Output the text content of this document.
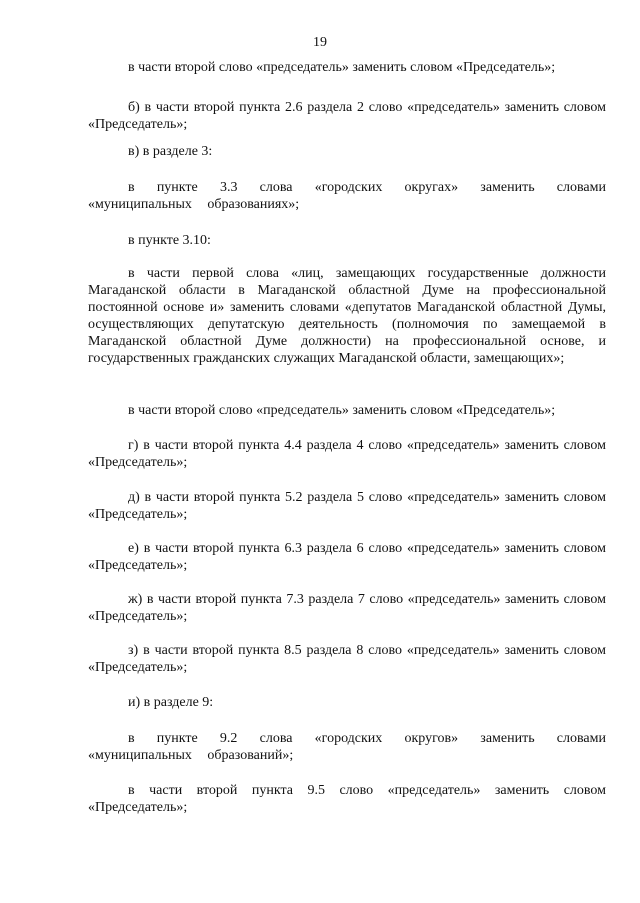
19

в части второй слово «председатель» заменить словом «Председатель»;

б) в части второй пункта 2.6 раздела 2 слово «председатель» заменить словом «Председатель»;

в) в разделе 3:

в пункте 3.3 слова «городских округах» заменить словами «муниципальных образованиях»;

в пункте 3.10:

в части первой слова «лиц, замещающих государственные должности Магаданской области в Магаданской областной Думе на профессиональной постоянной основе и» заменить словами «депутатов Магаданской областной Думы, осуществляющих депутатскую деятельность (полномочия по замещаемой в Магаданской областной Думе должности) на профессиональной основе, и государственных гражданских служащих Магаданской области, замещающих»;

в части второй слово «председатель» заменить словом «Председатель»;

г) в части второй пункта 4.4 раздела 4 слово «председатель» заменить словом «Председатель»;

д) в части второй пункта 5.2 раздела 5 слово «председатель» заменить словом «Председатель»;

е) в части второй пункта 6.3 раздела 6 слово «председатель» заменить словом «Председатель»;

ж) в части второй пункта 7.3 раздела 7 слово «председатель» заменить словом «Председатель»;

з) в части второй пункта 8.5 раздела 8 слово «председатель» заменить словом «Председатель»;

и) в разделе 9:

в пункте 9.2 слова «городских округов» заменить словами «муниципальных образований»;

в части второй пункта 9.5 слово «председатель» заменить словом «Председатель»;
